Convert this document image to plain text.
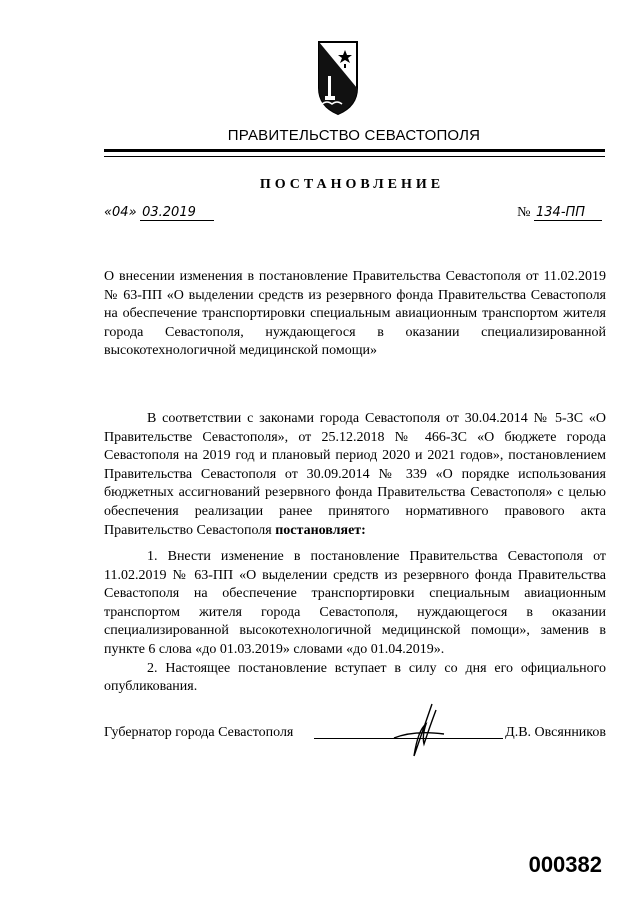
ПРАВИТЕЛЬСТВО СЕВАСТОПОЛЯ
ПОСТАНОВЛЕНИЕ
«04» 03.2019	№ 134-ПП
О внесении изменения в постановление Правительства Севастополя от 11.02.2019 № 63-ПП «О выделении средств из резервного фонда Правительства Севастополя на обеспечение транспортировки специальным авиационным транспортом жителя города Севастополя, нуждающегося в оказании специализированной высокотехнологичной медицинской помощи»
В соответствии с законами города Севастополя от 30.04.2014 № 5-ЗС «О Правительстве Севастополя», от 25.12.2018 № 466-ЗС «О бюджете города Севастополя на 2019 год и плановый период 2020 и 2021 годов», постановлением Правительства Севастополя от 30.09.2014 № 339 «О порядке использования бюджетных ассигнований резервного фонда Правительства Севастополя» с целью обеспечения реализации ранее принятого нормативного правового акта Правительство Севастополя постановляет:

1. Внести изменение в постановление Правительства Севастополя от 11.02.2019 № 63-ПП «О выделении средств из резервного фонда Правительства Севастополя на обеспечение транспортировки специальным авиационным транспортом жителя города Севастополя, нуждающегося в оказании специализированной высокотехнологичной медицинской помощи», заменив в пункте 6 слова «до 01.03.2019» словами «до 01.04.2019».

2. Настоящее постановление вступает в силу со дня его официального опубликования.

Губернатор города Севастополя	Д.В. Овсянников
000382
